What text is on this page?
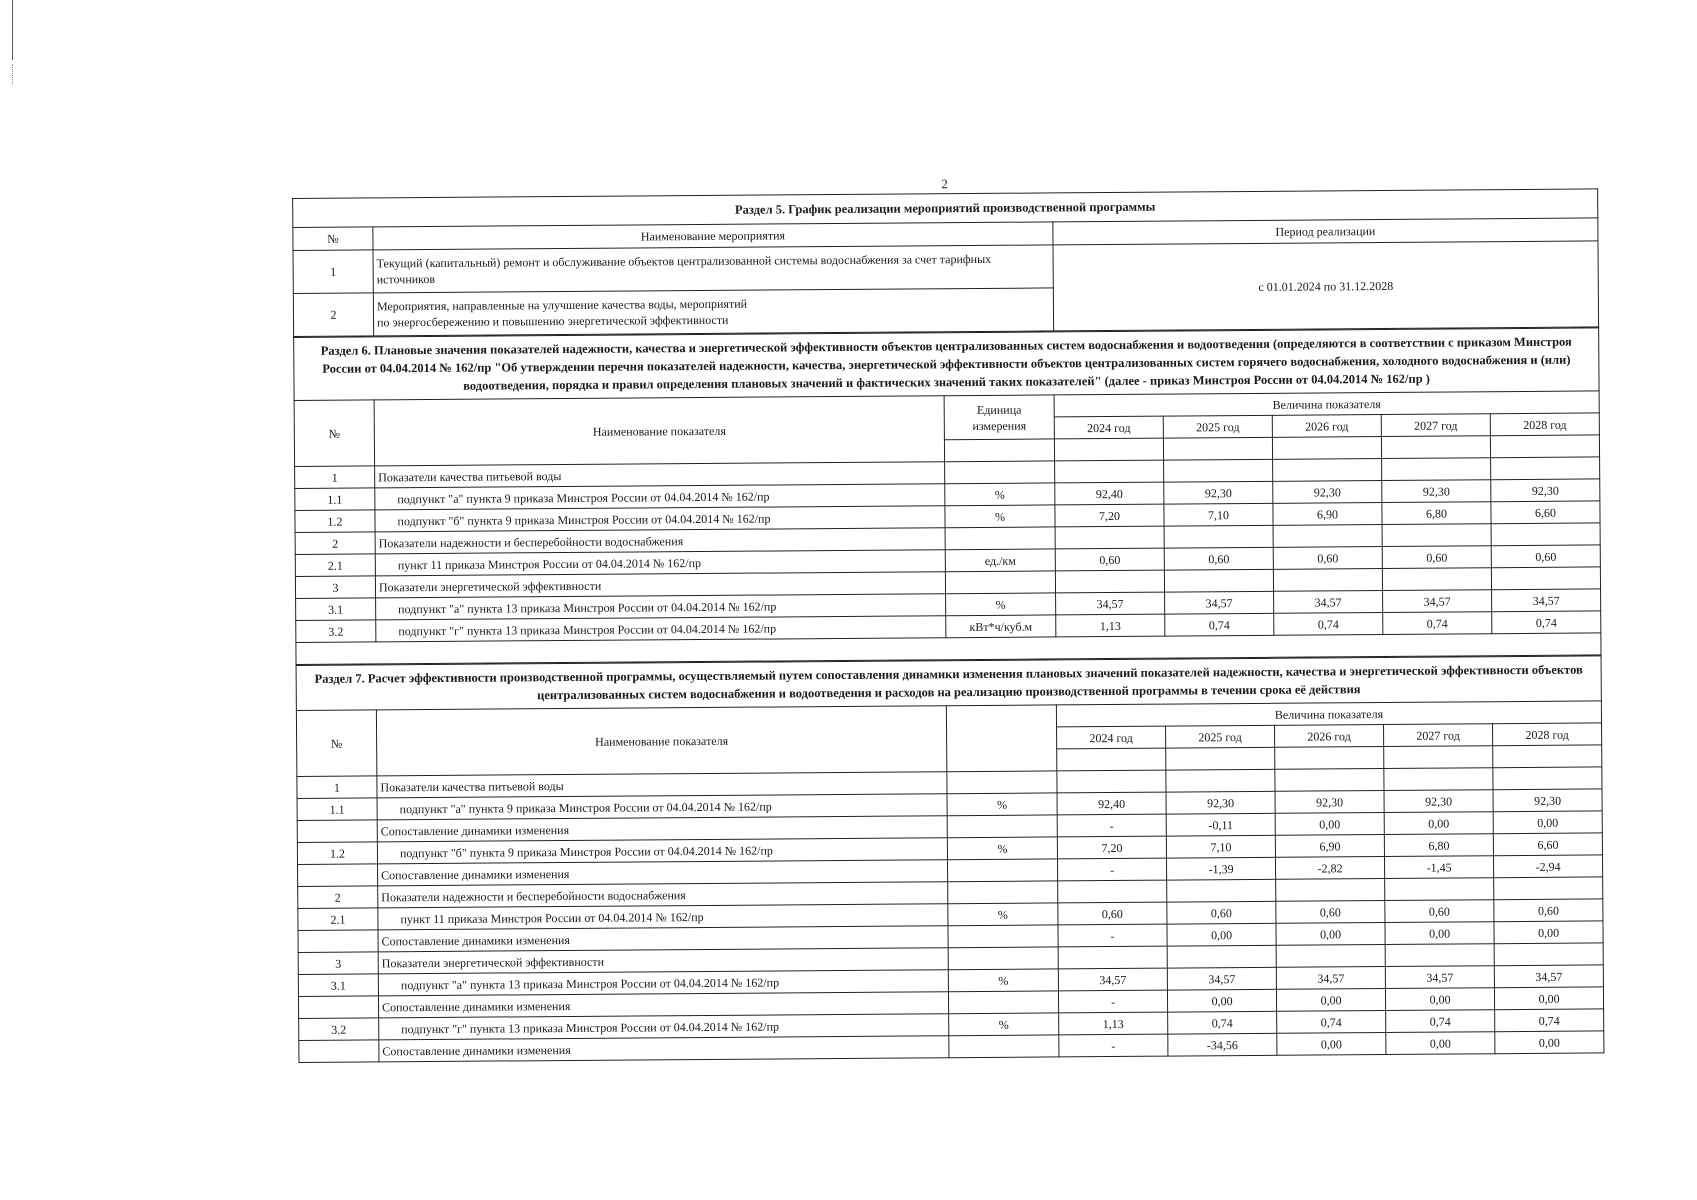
2
Раздел 5. График реализации мероприятий производственной программы		
№	Наименование мероприятия	Период реализации
1	Текущий (капитальный) ремонт и обслуживание объектов централизованной системы водоснабжения за счет тарифных
источников	с 01.01.2024 по 31.12.2028
2	Мероприятия, направленные на улучшение качества воды, мероприятий
по энергосбережению и повышению энергетической эффективности	
Раздел 6. Плановые значения показателей надежности, качества и энергетической эффективности объектов централизованных систем водоснабжения и водоотведения (определяются в соответствии с приказом Минстроя России от 04.04.2014 № 162/пр "Об утверждении перечня показателей надежности, качества, энергетической эффективности объектов централизованных систем горячего водоснабжения, холодного водоснабжения и (или) водоотведения, порядка и правил определения плановых значений и фактических значений таких показателей" (далее - приказ Минстроя России от 04.04.2014 № 162/пр )							
№	Наименование показателя	Единица
измерения	Величина показателя				
			2024 год	2025 год	2026 год	2027 год	2028 год

1	Показатели качества питьевой воды						
1.1	подпункт "а" пункта 9 приказа Минстроя России от 04.04.2014 № 162/пр	%	92,40	92,30	92,30	92,30	92,30
1.2	подпункт "б" пункта 9 приказа Минстроя России от 04.04.2014 № 162/пр	%	7,20	7,10	6,90	6,80	6,60
2	Показатели надежности и бесперебойности водоснабжения						
2.1	пункт 11 приказа Минстроя России от 04.04.2014 № 162/пр	ед./км	0,60	0,60	0,60	0,60	0,60
3	Показатели энергетической эффективности						
3.1	подпункт "а" пункта 13 приказа Минстроя России от 04.04.2014 № 162/пр	%	34,57	34,57	34,57	34,57	34,57
3.2	подпункт "г" пункта 13 приказа Минстроя России от 04.04.2014 № 162/пр	кВт*ч/куб.м	1,13	0,74	0,74	0,74	0,74

Раздел 7. Расчет эффективности производственной программы, осуществляемый путем сопоставления динамики изменения плановых значений показателей надежности, качества и энергетической эффективности объектов централизованных систем водоснабжения и водоотведения и расходов на реализацию производственной программы в течении срока её действия							
№	Наименование показателя		Величина показателя				
			2024 год	2025 год	2026 год	2027 год	2028 год

1	Показатели качества питьевой воды						
1.1	подпункт "а" пункта 9 приказа Минстроя России от 04.04.2014 № 162/пр	%	92,40	92,30	92,30	92,30	92,30
	Сопоставление динамики изменения		-	-0,11	0,00	0,00	0,00
1.2	подпункт "б" пункта 9 приказа Минстроя России от 04.04.2014 № 162/пр	%	7,20	7,10	6,90	6,80	6,60
	Сопоставление динамики изменения		-	-1,39	-2,82	-1,45	-2,94
2	Показатели надежности и бесперебойности водоснабжения						
2.1	пункт 11 приказа Минстроя России от 04.04.2014 № 162/пр	%	0,60	0,60	0,60	0,60	0,60
	Сопоставление динамики изменения		-	0,00	0,00	0,00	0,00
3	Показатели энергетической эффективности						
3.1	подпункт "а" пункта 13 приказа Минстроя России от 04.04.2014 № 162/пр	%	34,57	34,57	34,57	34,57	34,57
	Сопоставление динамики изменения		-	0,00	0,00	0,00	0,00
3.2	подпункт "г" пункта 13 приказа Минстроя России от 04.04.2014 № 162/пр	%	1,13	0,74	0,74	0,74	0,74
	Сопоставление динамики изменения		-	-34,56	0,00	0,00	0,00
